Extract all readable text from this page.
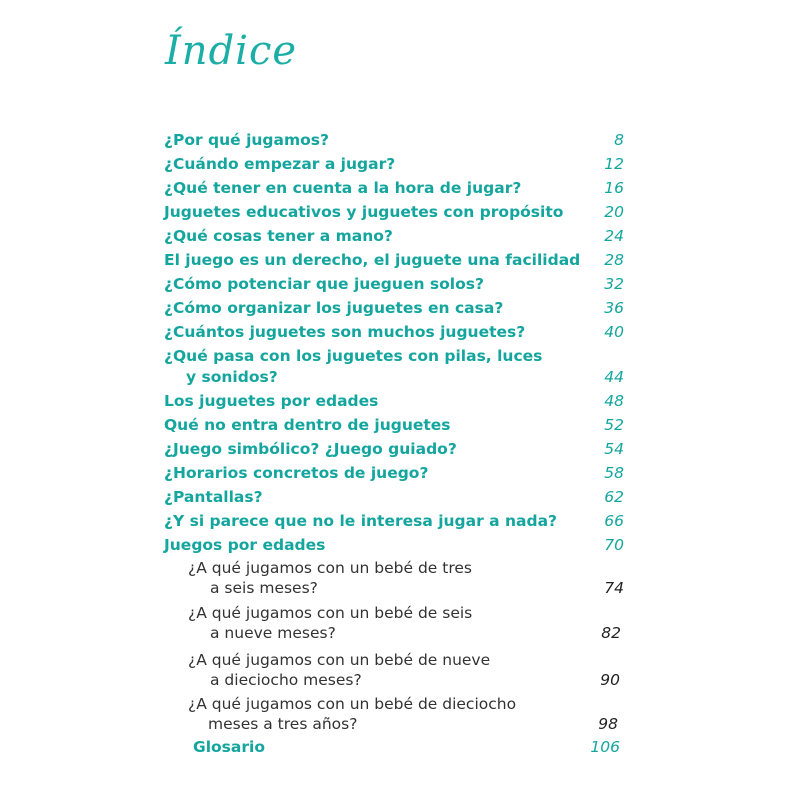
Índice
¿Por qué jugamos?	8
¿Cuándo empezar a jugar?	12
¿Qué tener en cuenta a la hora de jugar?	16
Juguetes educativos y juguetes con propósito	20
¿Qué cosas tener a mano?	24
El juego es un derecho, el juguete una facilidad 28
¿Cómo potenciar que jueguen solos?	32
¿Cómo organizar los juguetes en casa?	36
¿Cuántos juguetes son muchos juguetes?	40
¿Qué pasa con los juguetes con pilas, luces
y sonidos?	44
Los juguetes por edades	48
Qué no entra dentro de juguetes	52
¿Juego simbólico? ¿Juego guiado?	54
¿Horarios concretos de juego?	58
¿Pantallas?	62
¿Y si parece que no le interesa jugar a nada?	66
Juegos por edades	70
¿A qué jugamos con un bebé de tres
a seis meses?	74
¿A qué jugamos con un bebé de seis
a nueve meses?	82
¿A qué jugamos con un bebé de nueve
a dieciocho meses?	90
¿A qué jugamos con un bebé de dieciocho
meses a tres años?	98
Glosario	106
